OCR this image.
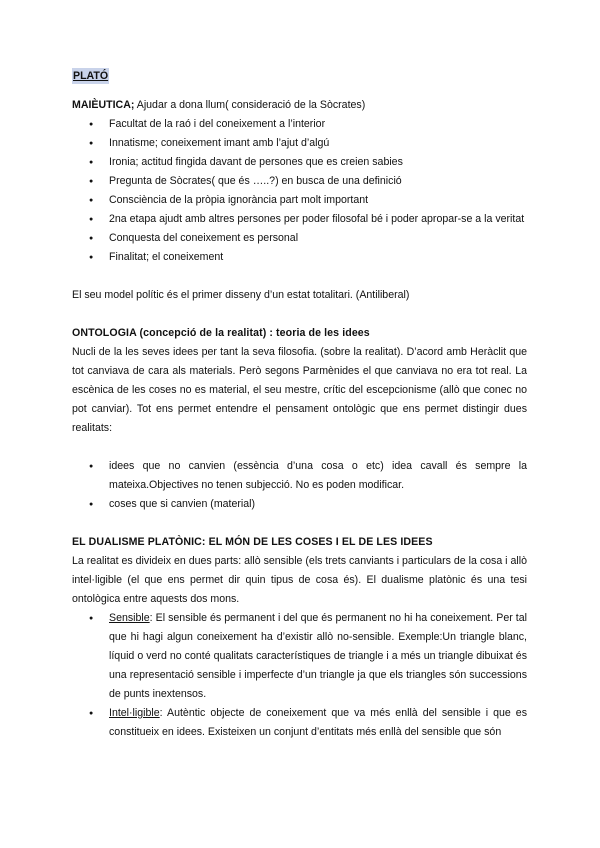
PLATÓ

MAIÈUTICA; Ajudar a dona llum( consideració de la Sòcrates)

● Facultat de la raó i del coneixement a l’interior
● Innatisme; coneixement imant amb l’ajut d’algú
● Ironia; actitud fingida davant de persones que es creien sabies
● Pregunta de Sòcrates( que és …..?) en busca de una definició
● Consciència de la pròpia ignorància part molt important
● 2na etapa ajudt amb altres persones per poder filosofal bé i poder apropar-se a la veritat
● Conquesta del coneixement es personal
● Finalitat; el coneixement

El seu model polític és el primer disseny d’un estat totalitari. (Antiliberal)

ONTOLOGIA (concepció de la realitat) : teoria de les idees

Nucli de la les seves idees per tant la seva filosofia. (sobre la realitat). D’acord amb Heràclit que tot canviava de cara als materials. Però segons Parmènides el que canviava no era tot real. La escènica de les coses no es material, el seu mestre, crític del escepcionisme (allò que conec no pot canviar). Tot ens permet entendre el pensament ontològic que ens permet distingir dues realitats:

● idees que no canvien (essència d’una cosa o etc) idea cavall és sempre la mateixa.Objectives no tenen subjecció. No es poden modificar.
● coses que si canvien (material)

EL DUALISME PLATÒNIC: EL MÓN DE LES COSES I EL DE LES IDEES

La realitat es divideix en dues parts: allò sensible (els trets canviants i particulars de la cosa i allò intel·ligible (el que ens permet dir quin tipus de cosa és). El dualisme platònic és una tesi ontològica entre aquests dos mons.

● Sensible: El sensible és permanent i del que és permanent no hi ha coneixement. Per tal que hi hagi algun coneixement ha d’existir allò no-sensible. Exemple:Un triangle blanc, líquid o verd no conté qualitats característiques de triangle i a més un triangle dibuixat és una representació sensible i imperfecte d’un triangle ja que els triangles són successions de punts inextensos.
● Intel·ligible: Autèntic objecte de coneixement que va més enllà del sensible i que es constitueix en idees. Existeixen un conjunt d’entitats més enllà del sensible que són
